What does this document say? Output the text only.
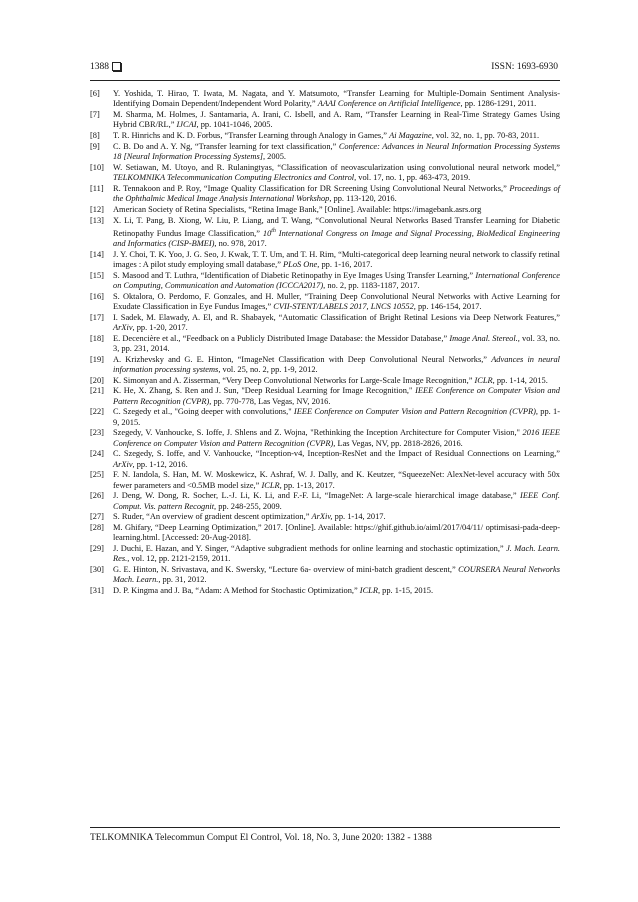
1388	ISSN: 1693-6930
[6] Y. Yoshida, T. Hirao, T. Iwata, M. Nagata, and Y. Matsumoto, “Transfer Learning for Multiple-Domain Sentiment Analysis-Identifying Domain Dependent/Independent Word Polarity,” AAAI Conference on Artificial Intelligence, pp. 1286-1291, 2011.
[7] M. Sharma, M. Holmes, J. Santamaria, A. Irani, C. Isbell, and A. Ram, “Transfer Learning in Real-Time Strategy Games Using Hybrid CBR/RL,” IJCAI, pp. 1041-1046, 2005.
[8] T. R. Hinrichs and K. D. Forbus, “Transfer Learning through Analogy in Games,” Ai Magazine, vol. 32, no. 1, pp. 70-83, 2011.
[9] C. B. Do and A. Y. Ng, “Transfer learning for text classification,” Conference: Advances in Neural Information Processing Systems 18 [Neural Information Processing Systems], 2005.
[10] W. Setiawan, M. Utoyo, and R. Rulaningtyas, “Classification of neovascularization using convolutional neural network model,” TELKOMNIKA Telecommunication Computing Electronics and Control, vol. 17, no. 1, pp. 463-473, 2019.
[11] R. Tennakoon and P. Roy, “Image Quality Classification for DR Screening Using Convolutional Neural Networks,” Proceedings of the Ophthalmic Medical Image Analysis International Workshop, pp. 113-120, 2016.
[12] American Society of Retina Specialists, “Retina Image Bank,” [Online]. Available: https://imagebank.asrs.org
[13] X. Li, T. Pang, B. Xiong, W. Liu, P. Liang, and T. Wang, “Convolutional Neural Networks Based Transfer Learning for Diabetic Retinopathy Fundus Image Classification,” 10th International Congress on Image and Signal Processing, BioMedical Engineering and Informatics (CISP-BMEI), no. 978, 2017.
[14] J. Y. Choi, T. K. Yoo, J. G. Seo, J. Kwak, T. T. Um, and T. H. Rim, “Multi-categorical deep learning neural network to classify retinal images : A pilot study employing small database,” PLoS One, pp. 1-16, 2017.
[15] S. Masood and T. Luthra, “Identification of Diabetic Retinopathy in Eye Images Using Transfer Learning,” International Conference on Computing, Communication and Automation (ICCCA2017), no. 2, pp. 1183-1187, 2017.
[16] S. Oktalora, O. Perdomo, F. Gonzales, and H. Muller, “Training Deep Convolutional Neural Networks with Active Learning for Exudate Classification in Eye Fundus Images,” CVII-STENT/LABELS 2017, LNCS 10552, pp. 146-154, 2017.
[17] I. Sadek, M. Elawady, A. El, and R. Shabayek, “Automatic Classification of Bright Retinal Lesions via Deep Network Features,” ArXiv, pp. 1-20, 2017.
[18] E. Decencière et al., “Feedback on a Publicly Distributed Image Database: the Messidor Database,” Image Anal. Stereol., vol. 33, no. 3, pp. 231, 2014.
[19] A. Krizhevsky and G. E. Hinton, “ImageNet Classification with Deep Convolutional Neural Networks,” Advances in neural information processing systems, vol. 25, no. 2, pp. 1-9, 2012.
[20] K. Simonyan and A. Zisserman, “Very Deep Convolutional Networks for Large-Scale Image Recognition,” ICLR, pp. 1-14, 2015.
[21] K. He, X. Zhang, S. Ren and J. Sun, "Deep Residual Learning for Image Recognition," IEEE Conference on Computer Vision and Pattern Recognition (CVPR), pp. 770-778, Las Vegas, NV, 2016.
[22] C. Szegedy et al., "Going deeper with convolutions," IEEE Conference on Computer Vision and Pattern Recognition (CVPR), pp. 1-9, 2015.
[23] Szegedy, V. Vanhoucke, S. Ioffe, J. Shlens and Z. Wojna, "Rethinking the Inception Architecture for Computer Vision," 2016 IEEE Conference on Computer Vision and Pattern Recognition (CVPR), Las Vegas, NV, pp. 2818-2826, 2016.
[24] C. Szegedy, S. Ioffe, and V. Vanhoucke, “Inception-v4, Inception-ResNet and the Impact of Residual Connections on Learning,” ArXiv, pp. 1-12, 2016.
[25] F. N. Iandola, S. Han, M. W. Moskewicz, K. Ashraf, W. J. Dally, and K. Keutzer, “SqueezeNet: AlexNet-level accuracy with 50x fewer parameters and <0.5MB model size,” ICLR, pp. 1-13, 2017.
[26] J. Deng, W. Dong, R. Socher, L.-J. Li, K. Li, and F.-F. Li, “ImageNet: A large-scale hierarchical image database,” IEEE Conf. Comput. Vis. pattern Recognit, pp. 248-255, 2009.
[27] S. Ruder, “An overview of gradient descent optimization,” ArXiv, pp. 1-14, 2017.
[28] M. Ghifary, “Deep Learning Optimization,” 2017. [Online]. Available: https://ghif.github.io/aiml/2017/04/11/ optimisasi-pada-deep-learning.html. [Accessed: 20-Aug-2018].
[29] J. Duchi, E. Hazan, and Y. Singer, “Adaptive subgradient methods for online learning and stochastic optimization,” J. Mach. Learn. Res., vol. 12, pp. 2121-2159, 2011.
[30] G. E. Hinton, N. Srivastava, and K. Swersky, “Lecture 6a- overview of mini-batch gradient descent,” COURSERA Neural Networks Mach. Learn., pp. 31, 2012.
[31] D. P. Kingma and J. Ba, “Adam: A Method for Stochastic Optimization,” ICLR, pp. 1-15, 2015.
TELKOMNIKA Telecommun Comput El Control, Vol. 18, No. 3, June 2020: 1382 - 1388
